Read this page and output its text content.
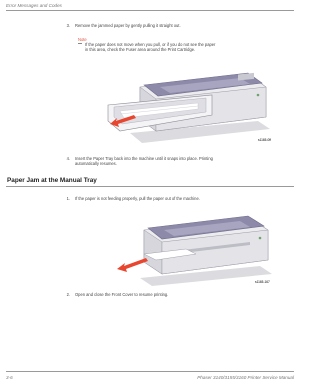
Error Messages and Codes
3. Remove the jammed paper by gently pulling it straight out.
Note
If the paper does not move when you pull, or if you do not see the paper
in this area, check the Fuser area around the Print Cartridge.
s1165-0ff
4. Insert the Paper Tray back into the machine until it snaps into place. Printing
automatically resumes.
Paper Jam at the Manual Tray
1. If the paper is not feeding properly, pull the paper out of the machine.
s1165-167
2. Open and close the Front Cover to resume printing.
3-6	Phaser 3140/3155/3160 Printer Service Manual
